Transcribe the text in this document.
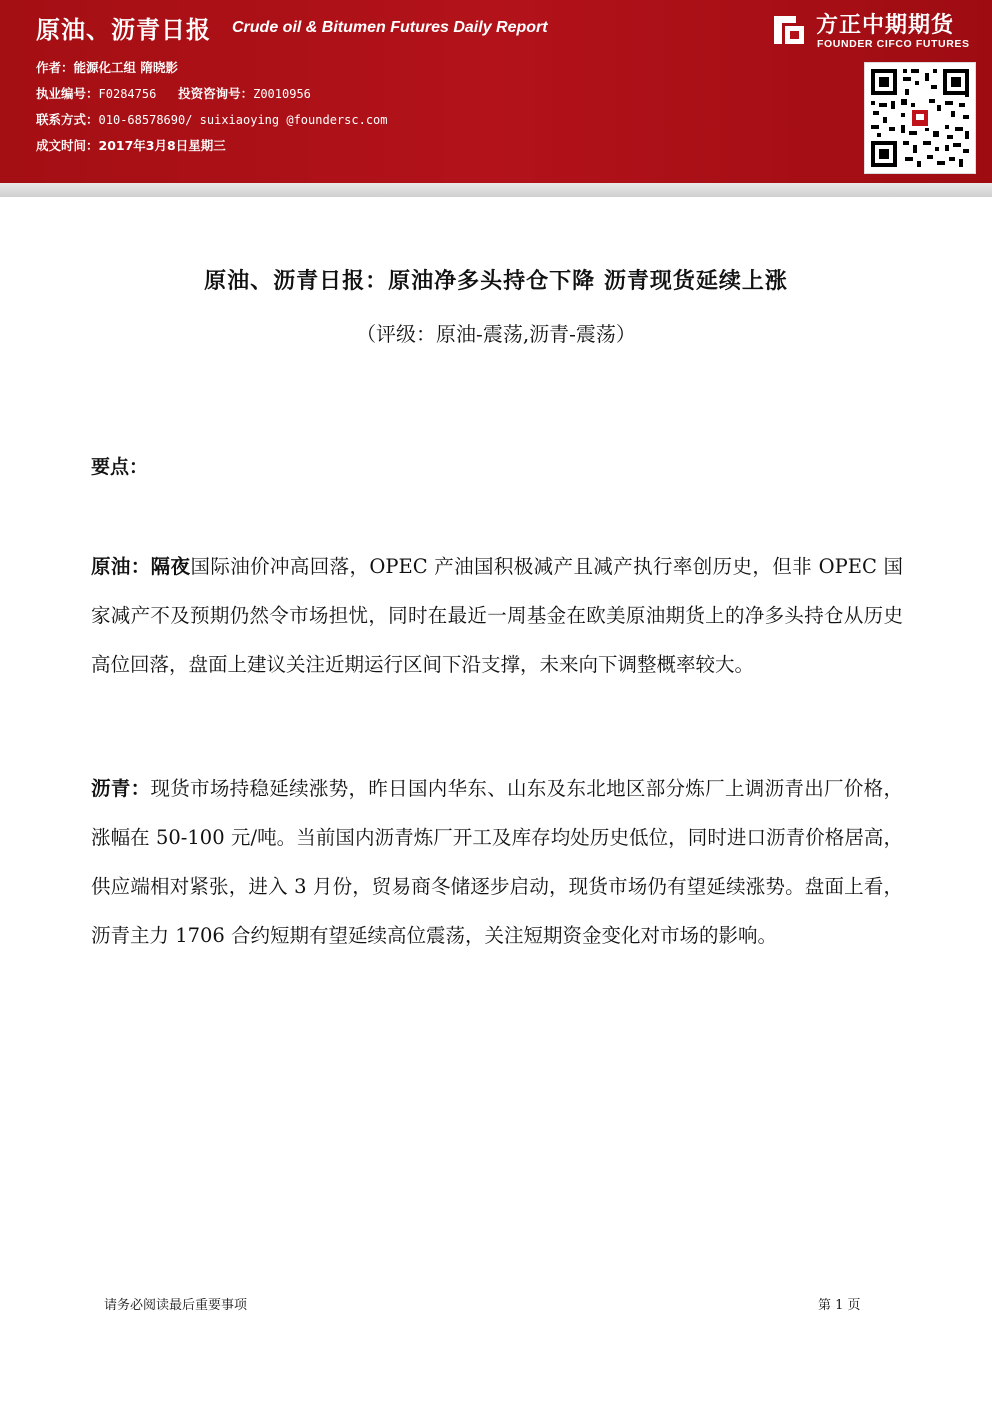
原油、沥青日报 Crude oil & Bitumen Futures Daily Report
作者：能源化工组 隋晓影
执业编号：F0284756 投资咨询号：Z0010956
联系方式：010-68578690/ suixiaoying @foundersc.com
成文时间：2017年3月8日星期三
方正中期期货
FOUNDER CIFCO FUTURES
原油、沥青日报：原油净多头持仓下降 沥青现货延续上涨
（评级：原油-震荡,沥青-震荡）
要点：
原油：隔夜国际油价冲高回落，OPEC 产油国积极减产且减产执行率创历史，但非 OPEC 国家减产不及预期仍然令市场担忧，同时在最近一周基金在欧美原油期货上的净多头持仓从历史高位回落，盘面上建议关注近期运行区间下沿支撑，未来向下调整概率较大。
沥青：现货市场持稳延续涨势，昨日国内华东、山东及东北地区部分炼厂上调沥青出厂价格，涨幅在 50-100 元/吨。当前国内沥青炼厂开工及库存均处历史低位，同时进口沥青价格居高，供应端相对紧张，进入 3 月份，贸易商冬储逐步启动，现货市场仍有望延续涨势。盘面上看，沥青主力 1706 合约短期有望延续高位震荡，关注短期资金变化对市场的影响。
请务必阅读最后重要事项	第 1 页
